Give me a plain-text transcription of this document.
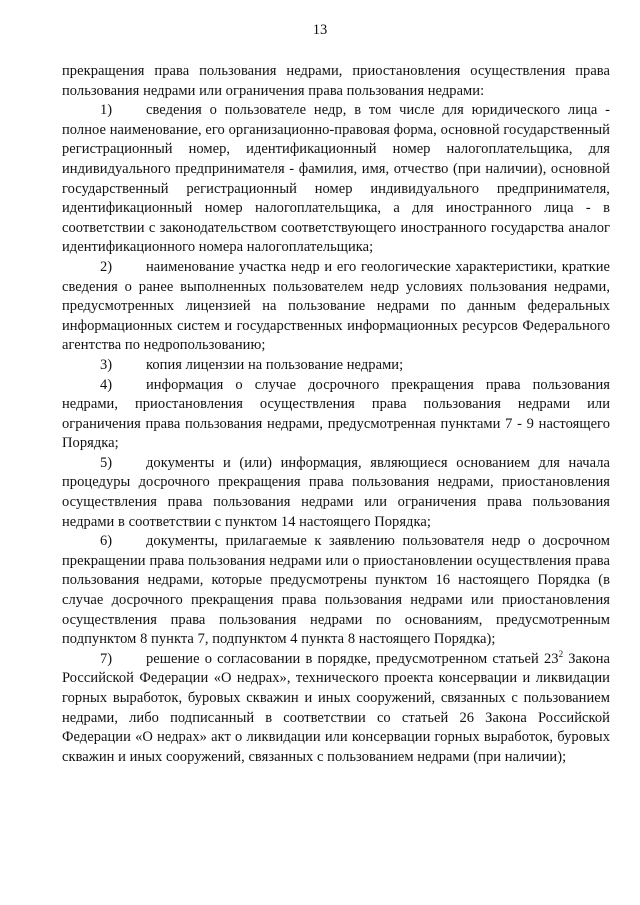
13

прекращения права пользования недрами, приостановления осуществления права пользования недрами или ограничения права пользования недрами:

1) сведения о пользователе недр, в том числе для юридического лица - полное наименование, его организационно-правовая форма, основной государственный регистрационный номер, идентификационный номер налогоплательщика, для индивидуального предпринимателя - фамилия, имя, отчество (при наличии), основной государственный регистрационный номер индивидуального предпринимателя, идентификационный номер налогоплательщика, а для иностранного лица - в соответствии с законодательством соответствующего иностранного государства аналог идентификационного номера налогоплательщика;

2) наименование участка недр и его геологические характеристики, краткие сведения о ранее выполненных пользователем недр условиях пользования недрами, предусмотренных лицензией на пользование недрами по данным федеральных информационных систем и государственных информационных ресурсов Федерального агентства по недропользованию;

3) копия лицензии на пользование недрами;

4) информация о случае досрочного прекращения права пользования недрами, приостановления осуществления права пользования недрами или ограничения права пользования недрами, предусмотренная пунктами 7 - 9 настоящего Порядка;

5) документы и (или) информация, являющиеся основанием для начала процедуры досрочного прекращения права пользования недрами, приостановления осуществления права пользования недрами или ограничения права пользования недрами в соответствии с пунктом 14 настоящего Порядка;

6) документы, прилагаемые к заявлению пользователя недр о досрочном прекращении права пользования недрами или о приостановлении осуществления права пользования недрами, которые предусмотрены пунктом 16 настоящего Порядка (в случае досрочного прекращения права пользования недрами или приостановления осуществления права пользования недрами по основаниям, предусмотренным подпунктом 8 пункта 7, подпунктом 4 пункта 8 настоящего Порядка);

7) решение о согласовании в порядке, предусмотренном статьей $23^2$ Закона Российской Федерации «О недрах», технического проекта консервации и ликвидации горных выработок, буровых скважин и иных сооружений, связанных с пользованием недрами, либо подписанный в соответствии со статьей 26 Закона Российской Федерации «О недрах» акт о ликвидации или консервации горных выработок, буровых скважин и иных сооружений, связанных с пользованием недрами (при наличии);
